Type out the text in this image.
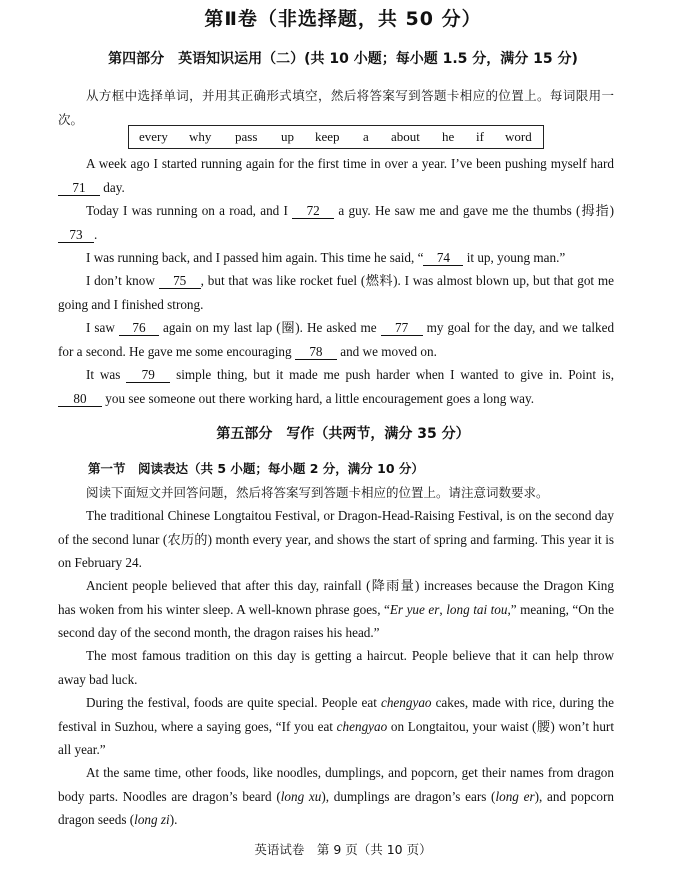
第Ⅱ卷（非选择题，共 50 分）
第四部分　英语知识运用（二）(共 10 小题；每小题 1.5 分，满分 15 分)

从方框中选择单词，并用其正确形式填空，然后将答案写到答题卡相应的位置上。每词限用一次。

every why pass up keep a about he if word

A week ago I started running again for the first time in over a year. I’ve been pushing myself hard 71 day.

Today I was running on a road, and I 72 a guy. He saw me and gave me the thumbs (拇指) 73 .

I was running back, and I passed him again. This time he said, “ 74 it up, young man.”

I don’t know 75 , but that was like rocket fuel (燃料). I was almost blown up, but that got me going and I finished strong.

I saw 76 again on my last lap (圈). He asked me 77 my goal for the day, and we talked for a second. He gave me some encouraging 78 and we moved on.

It was 79 simple thing, but it made me push harder when I wanted to give in. Point is, 80 you see someone out there working hard, a little encouragement goes a long way.

第五部分　写作（共两节，满分 35 分）
第一节　阅读表达（共 5 小题；每小题 2 分，满分 10 分）

阅读下面短文并回答问题，然后将答案写到答题卡相应的位置上。请注意词数要求。

The traditional Chinese Longtaitou Festival, or Dragon-Head-Raising Festival, is on the second day of the second lunar (农历的) month every year, and shows the start of spring and farming. This year it is on February 24.

Ancient people believed that after this day, rainfall (降雨量) increases because the Dragon King has woken from his winter sleep. A well-known phrase goes, “Er yue er, long tai tou,” meaning, “On the second day of the second month, the dragon raises his head.”

The most famous tradition on this day is getting a haircut. People believe that it can help throw away bad luck.

During the festival, foods are quite special. People eat chengyao cakes, made with rice, during the festival in Suzhou, where a saying goes, “If you eat chengyao on Longtaitou, your waist (腰) won’t hurt all year.”

At the same time, other foods, like noodles, dumplings, and popcorn, get their names from dragon body parts. Noodles are dragon’s beard (long xu), dumplings are dragon’s ears (long er), and popcorn dragon seeds (long zi).

英语试卷　第 9 页（共 10 页）
